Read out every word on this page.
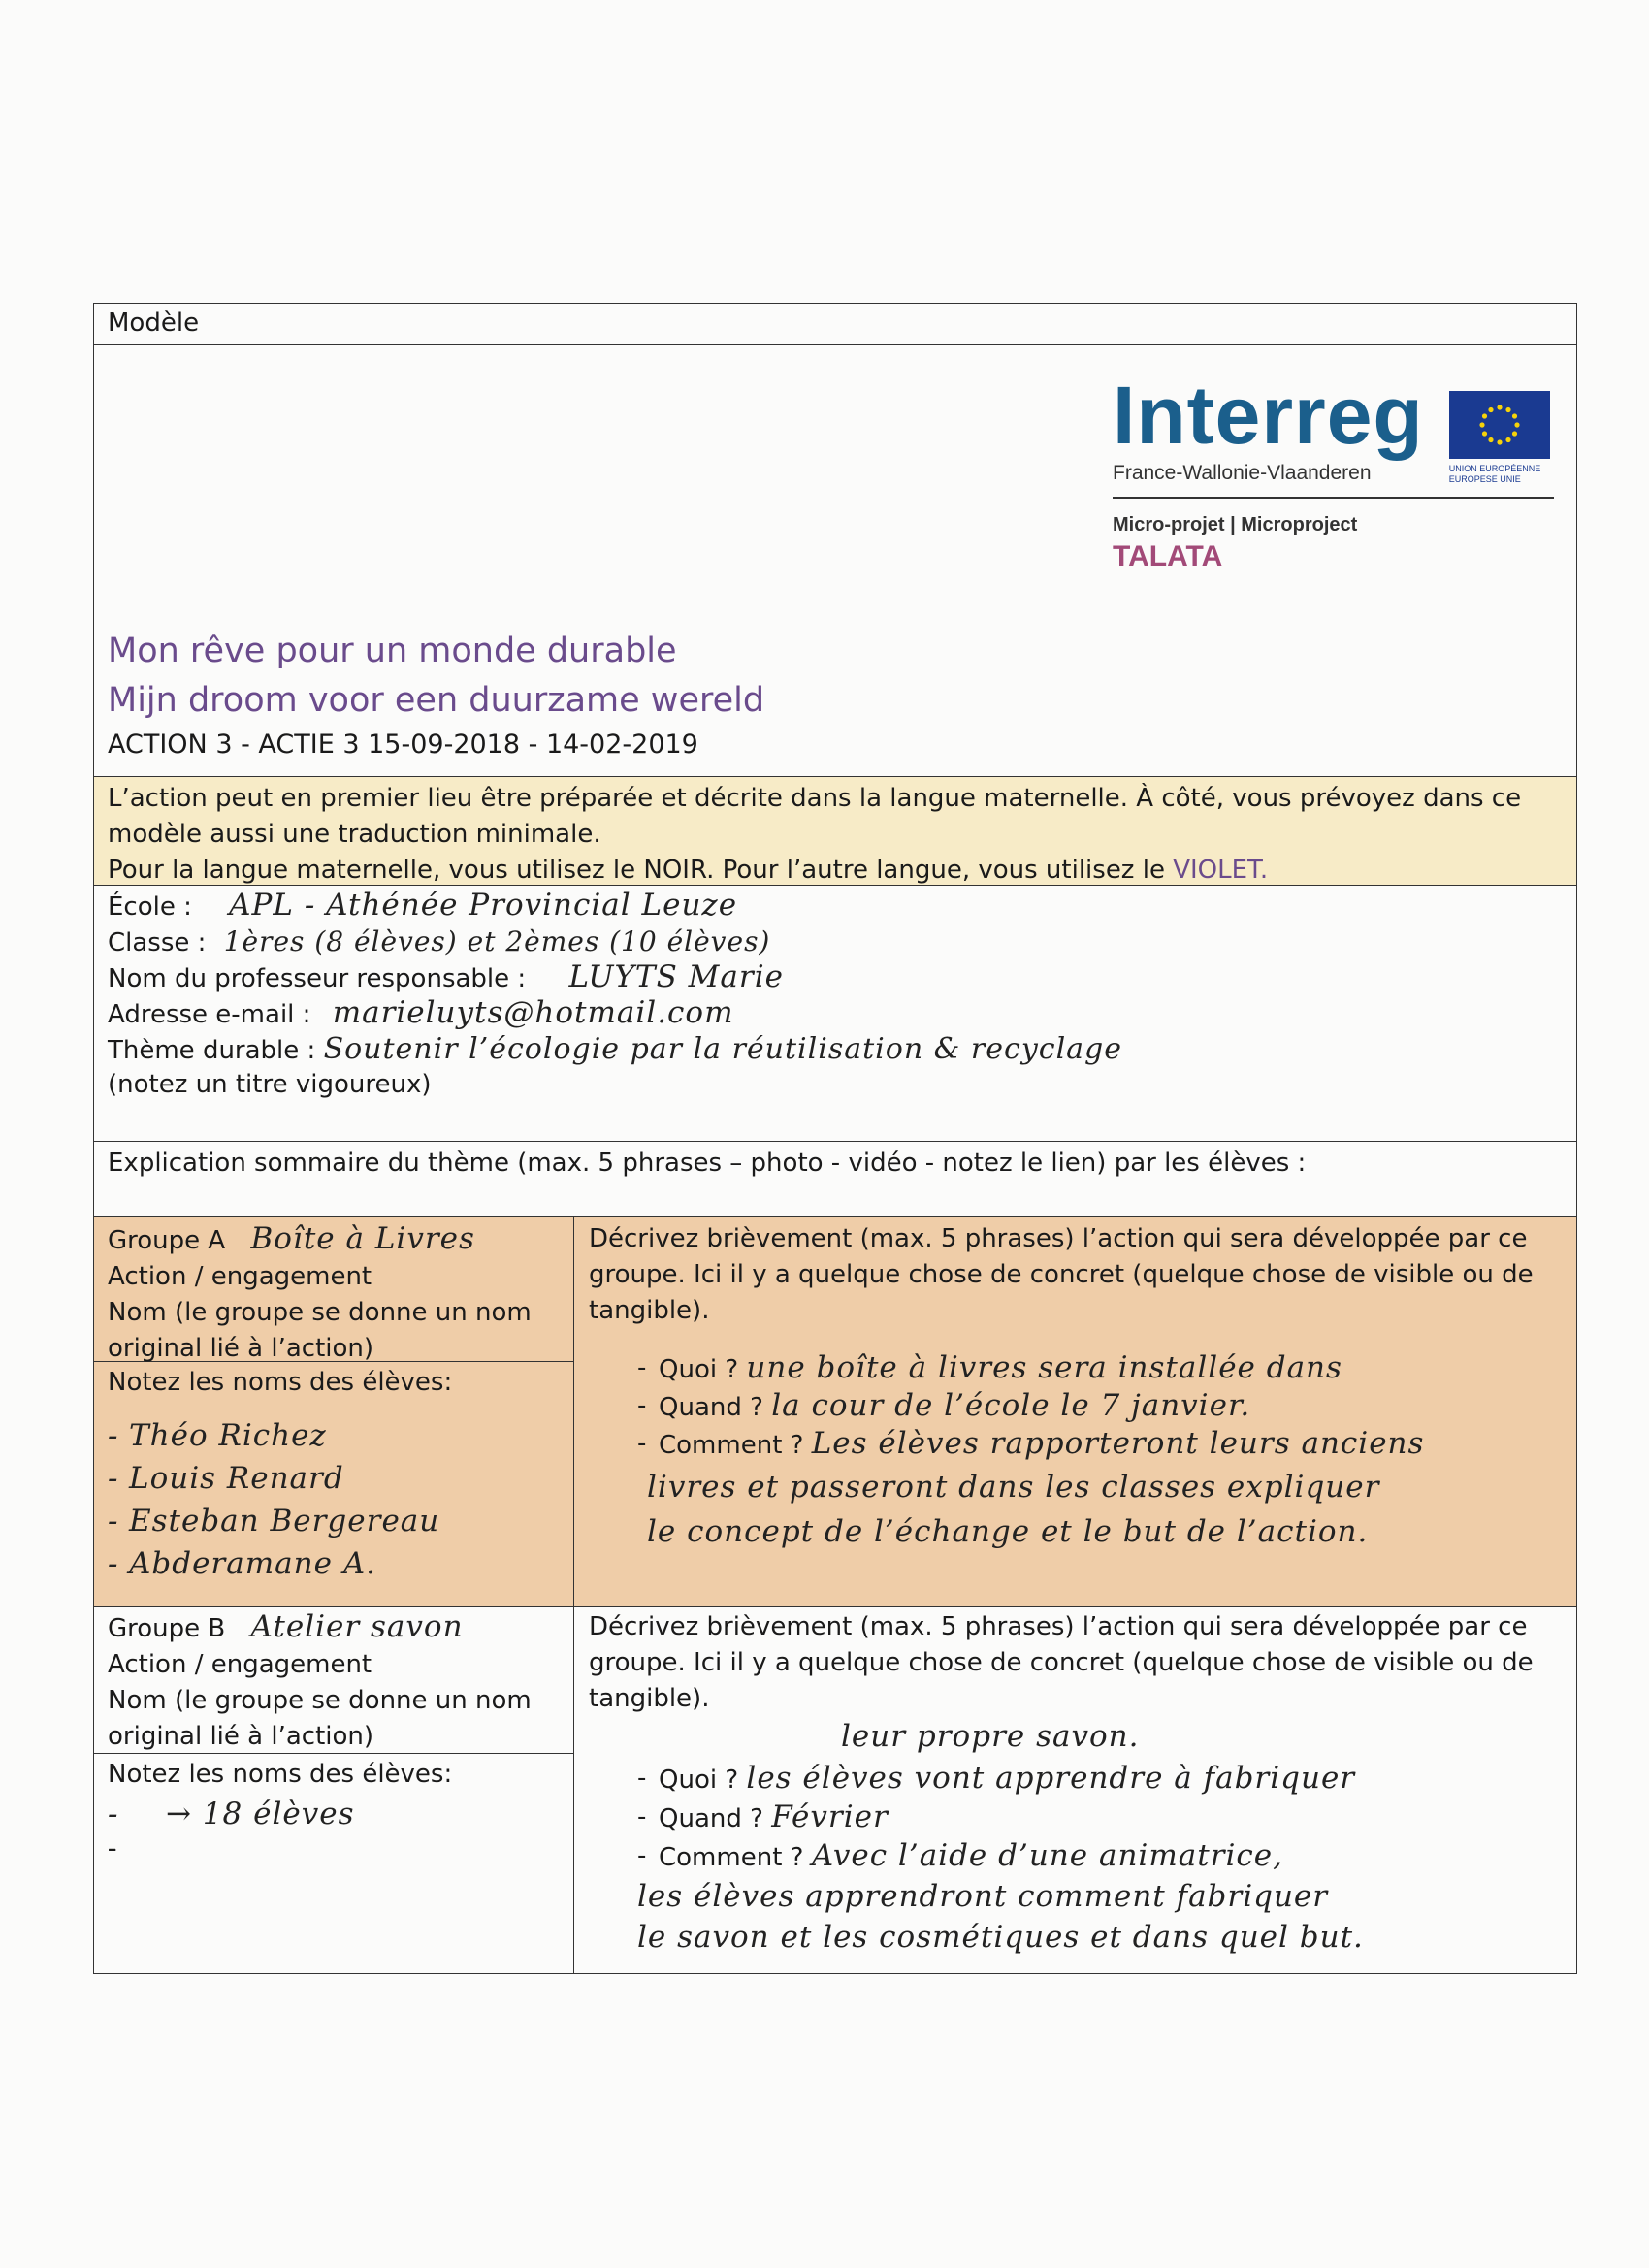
Modèle
Interreg
France-Wallonie-Vlaanderen	UNION EUROPÉENNE
EUROPESE UNIE
Micro-projet | Microproject
TALATA
Mon rêve pour un monde durable
Mijn droom voor een duurzame wereld
ACTION 3 - ACTIE 3 15-09-2018 - 14-02-2019
L’action peut en premier lieu être préparée et décrite dans la langue maternelle. À côté, vous prévoyez dans ce modèle aussi une traduction minimale.
Pour la langue maternelle, vous utilisez le NOIR. Pour l’autre langue, vous utilisez le VIOLET.
École : APL - Athénée Provincial Leuze
Classe : 1ères (8 élèves) et 2èmes (10 élèves)
Nom du professeur responsable : LUYTS Marie
Adresse e-mail : marieluyts@hotmail.com
Thème durable : Soutenir l’écologie par la réutilisation & recyclage
(notez un titre vigoureux)
Explication sommaire du thème (max. 5 phrases – photo - vidéo - notez le lien) par les élèves :
Groupe A Boîte à Livres
Action / engagement
Nom (le groupe se donne un nom original lié à l’action)
Notez les noms des élèves:
- Théo Richez
- Louis Renard
- Esteban Bergereau
- Abderamane A.
Décrivez brièvement (max. 5 phrases) l’action qui sera développée par ce groupe. Ici il y a quelque chose de concret (quelque chose de visible ou de tangible).
- Quoi ? une boîte à livres sera installée dans
- Quand ? la cour de l’école le 7 janvier.
- Comment ? Les élèves rapporteront leurs anciens
livres et passeront dans les classes expliquer
le concept de l’échange et le but de l’action.
Groupe B Atelier savon
Action / engagement
Nom (le groupe se donne un nom original lié à l’action)
Notez les noms des élèves:
- → 18 élèves
Décrivez brièvement (max. 5 phrases) l’action qui sera développée par ce groupe. Ici il y a quelque chose de concret (quelque chose de visible ou de tangible).
leur propre savon.
- Quoi ? les élèves vont apprendre à fabriquer
- Quand ? Février
- Comment ? Avec l’aide d’une animatrice,
les élèves apprendront comment fabriquer
le savon et les cosmétiques et dans quel but.
